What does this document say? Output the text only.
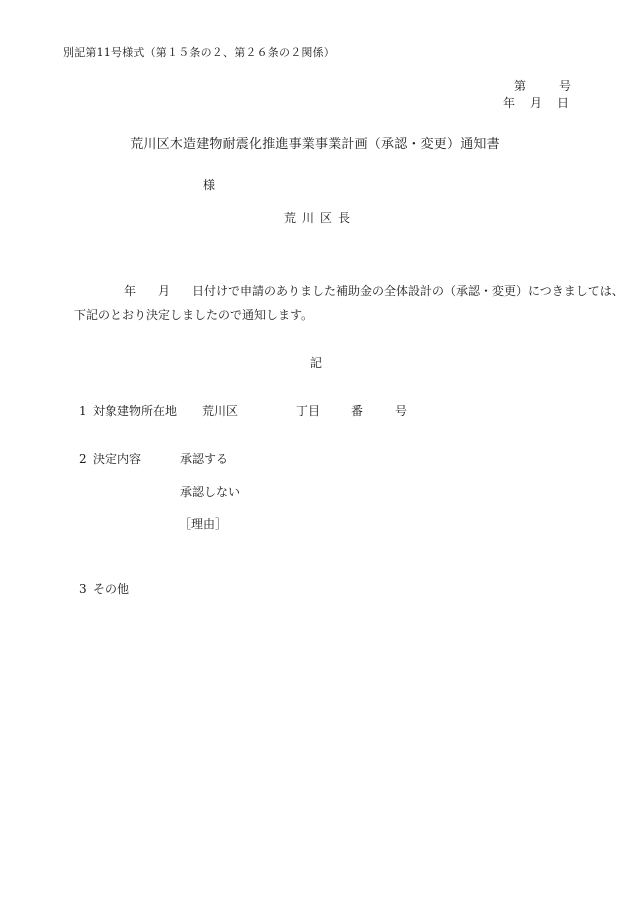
別記第11号様式（第１５条の２、第２６条の２関係）
第	号
年 月 日
荒川区木造建物耐震化推進事業事業計画（承認・変更）通知書
様
荒川区長
年 月 日付けで申請のありました補助金の全体設計の（承認・変更）につきましては、
下記のとおり決定しましたので通知します。
記
1 対象建物所在地 荒川区	丁目	番	号
2 決定内容	承認する
承認しない
［理由］
3 その他
